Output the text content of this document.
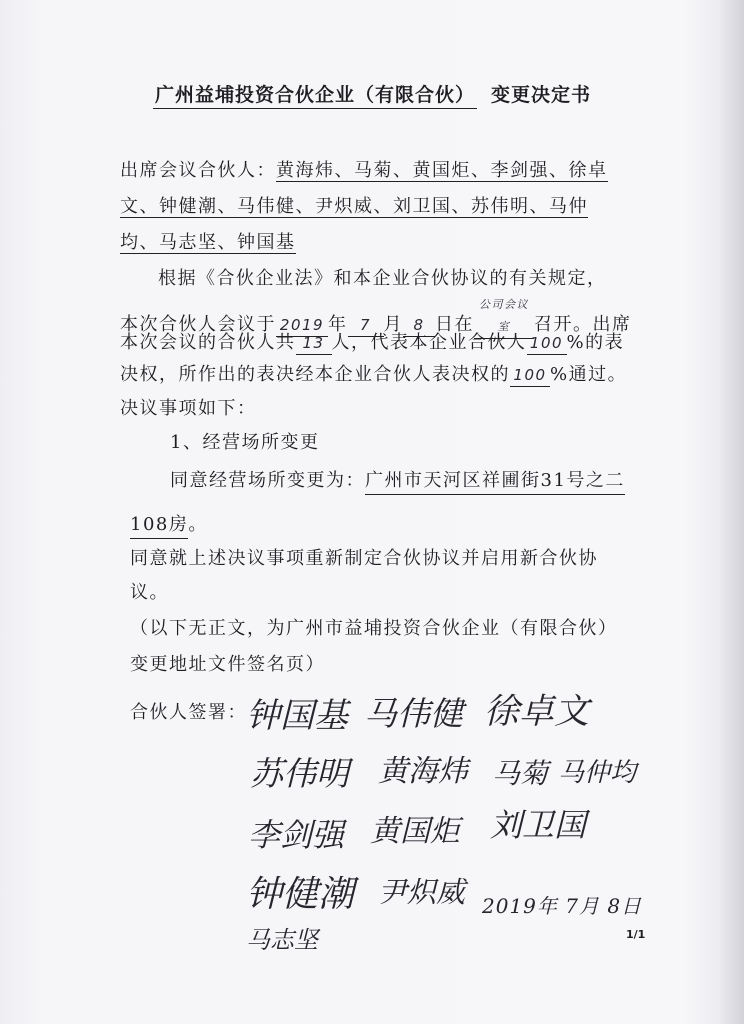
广州益埔投资合伙企业（有限合伙） 变更决定书
出席会议合伙人：黄海炜、马菊、黄国炬、李剑强、徐卓
文、钟健潮、马伟健、尹炽威、刘卫国、苏伟明、马仲
均、马志坚、钟国基
根据《合伙企业法》和本企业合伙协议的有关规定，
本次合伙人会议于 2019 年 7 月 8 日在公司会议室 召开。出席
本次会议的合伙人共 13 人，代表本企业合伙人 100 %的表
决权，所作出的表决经本企业合伙人表决权的 100 %通过。
决议事项如下：
1、经营场所变更
同意经营场所变更为：广州市天河区祥圃街31号之二
108房。
同意就上述决议事项重新制定合伙协议并启用新合伙协
议。
（以下无正文，为广州市益埔投资合伙企业（有限合伙）
变更地址文件签名页）
合伙人签署： 钟国基 马伟健 徐卓文
苏伟明 黄海炜 马菊 马仲均
李剑强 黄国炬 刘卫国
钟健潮 尹炽威 2019年 7月 8日
马志坚	1/1
